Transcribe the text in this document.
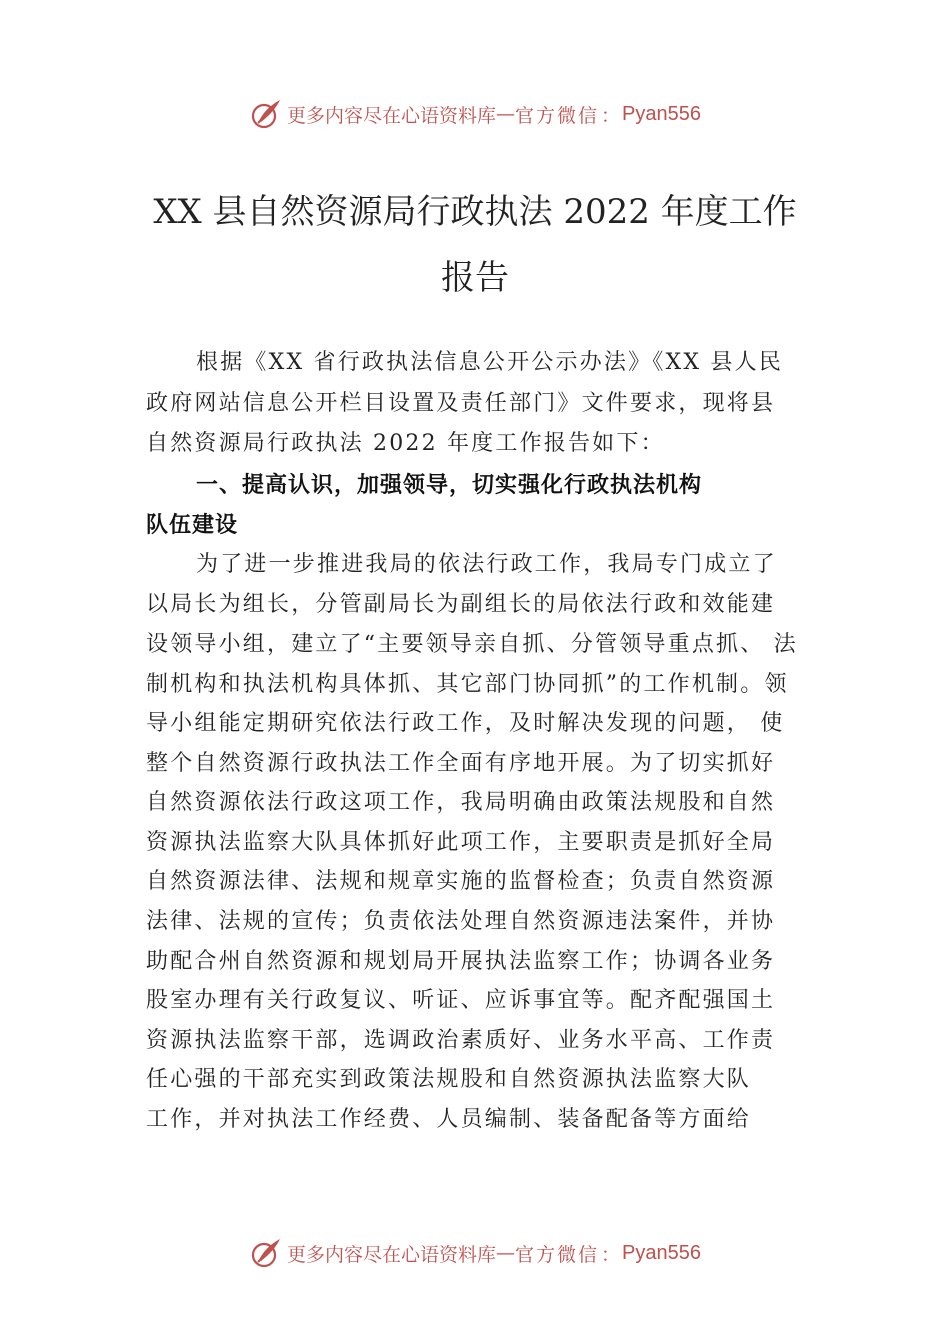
更多内容尽在心语资料库 — 官方微信 ： Pyan556
XX 县自然资源局行政执法 2022 年度工作
报告
根据《XX 省行政执法信息公开公示办法》《XX 县人民
政府网站信息公开栏目设置及责任部门》文件要求，现将县
自然资源局行政执法 2022 年度工作报告如下：
一、提高认识，加强领导，切实强化行政执法机构
队伍建设
为了进一步推进我局的依法行政工作，我局专门成立了
以局长为组长，分管副局长为副组长的局依法行政和效能建
设领导小组，建立了“主要领导亲自抓、分管领导重点抓、 法
制机构和执法机构具体抓、其它部门协同抓”的工作机制。领
导小组能定期研究依法行政工作，及时解决发现的问题， 使
整个自然资源行政执法工作全面有序地开展。为了切实抓好
自然资源依法行政这项工作，我局明确由政策法规股和自然
资源执法监察大队具体抓好此项工作，主要职责是抓好全局
自然资源法律、法规和规章实施的监督检查；负责自然资源
法律、法规的宣传；负责依法处理自然资源违法案件，并协
助配合州自然资源和规划局开展执法监察工作；协调各业务
股室办理有关行政复议、听证、应诉事宜等。配齐配强国土
资源执法监察干部，选调政治素质好、业务水平高、工作责
任心强的干部充实到政策法规股和自然资源执法监察大队
工作，并对执法工作经费、人员编制、装备配备等方面给
更多内容尽在心语资料库 — 官方微信 ： Pyan556
